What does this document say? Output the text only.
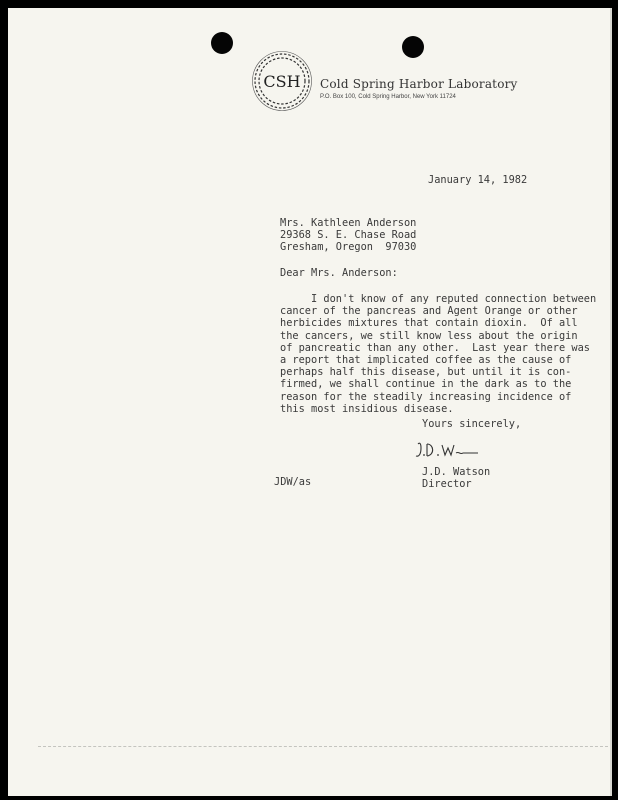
CSH Cold Spring Harbor Laboratory
P.O. Box 100, Cold Spring Harbor, New York 11724
January 14, 1982
Mrs. Kathleen Anderson
29368 S. E. Chase Road
Gresham, Oregon  97030
Dear Mrs. Anderson:
I don't know of any reputed connection between
cancer of the pancreas and Agent Orange or other
herbicides mixtures that contain dioxin.  Of all
the cancers, we still know less about the origin
of pancreatic than any other.  Last year there was
a report that implicated coffee as the cause of
perhaps half this disease, but until it is con-
firmed, we shall continue in the dark as to the
reason for the steadily increasing incidence of
this most insidious disease.
Yours sincerely,
J.D. Watson
Director
JDW/as
